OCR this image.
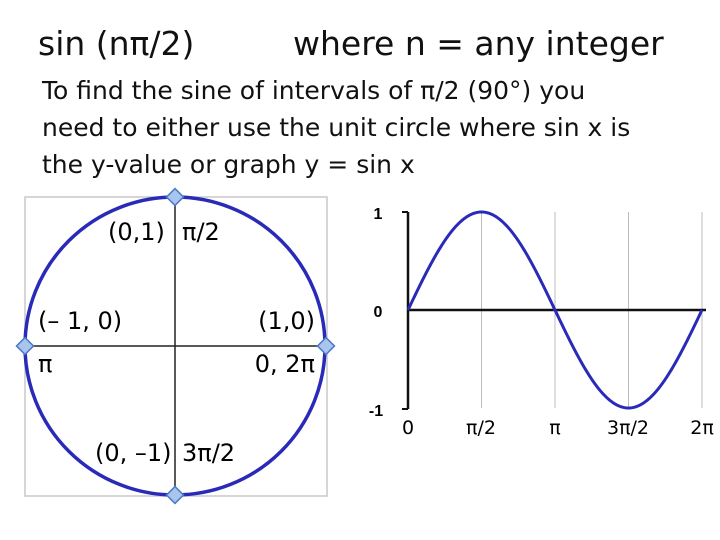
sin (nπ/2)	where n = any integer
To find the sine of intervals of π/2 (90°) you
need to either use the unit circle where sin x is
the y-value or graph y = sin x
(0,1) π/2
(– 1, 0)
π
(1,0)
0, 2π
(0, –1) 3π/2
1
0
-1
0	π/2	π 3π/2 2π
